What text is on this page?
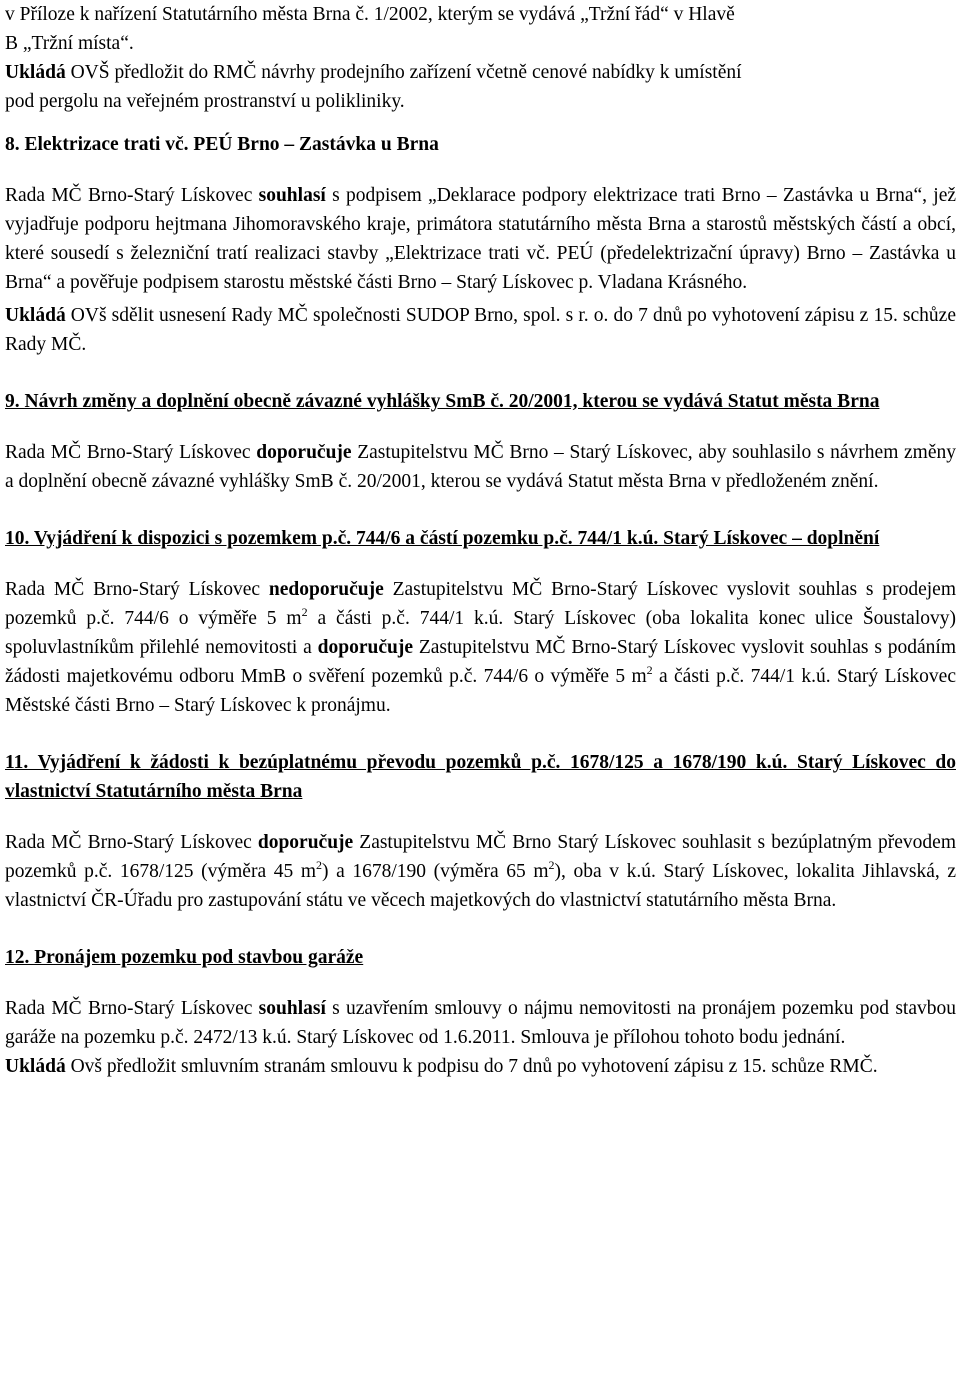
v Příloze k nařízení Statutárního města Brna č. 1/2002, kterým se vydává „Tržní řád“ v Hlavě

B „Tržní místa“.

Ukládá OVŠ předložit do RMČ návrhy prodejního zařízení včetně cenové nabídky k umístění

pod pergolu na veřejném prostranství u polikliniky.

8. Elektrizace trati vč. PEÚ Brno – Zastávka u Brna

Rada MČ Brno-Starý Lískovec souhlasí s podpisem „Deklarace podpory elektrizace trati Brno – Zastávka u Brna“, jež vyjadřuje podporu hejtmana Jihomoravského kraje, primátora statutárního města Brna a starostů městských částí a obcí, které sousedí s železniční tratí realizaci stavby „Elektrizace trati vč. PEÚ (předelektrizační úpravy) Brno – Zastávka u Brna“ a pověřuje podpisem starostu městské části Brno – Starý Lískovec p. Vladana Krásného.

Ukládá OVš sdělit usnesení Rady MČ společnosti SUDOP Brno, spol. s r. o. do 7 dnů po vyhotovení zápisu z 15. schůze Rady MČ.

9. Návrh změny a doplnění obecně závazné vyhlášky SmB č. 20/2001, kterou se vydává Statut města Brna

Rada MČ Brno-Starý Lískovec doporučuje Zastupitelstvu MČ Brno – Starý Lískovec, aby souhlasilo s návrhem změny a doplnění obecně závazné vyhlášky SmB č. 20/2001, kterou se vydává Statut města Brna v předloženém znění.

10. Vyjádření k dispozici s pozemkem p.č. 744/6 a částí pozemku p.č. 744/1 k.ú. Starý Lískovec – doplnění

Rada MČ Brno-Starý Lískovec nedoporučuje Zastupitelstvu MČ Brno-Starý Lískovec vyslovit souhlas s prodejem pozemků p.č. 744/6 o výměře 5 $m^2$ a části p.č. 744/1 k.ú. Starý Lískovec (oba lokalita konec ulice Šoustalovy) spoluvlastníkům přilehlé nemovitosti a doporučuje Zastupitelstvu MČ Brno-Starý Lískovec vyslovit souhlas s podáním žádosti majetkovému odboru MmB o svěření pozemků p.č. 744/6 o výměře 5 $m^2$ a části p.č. 744/1 k.ú. Starý Lískovec Městské části Brno – Starý Lískovec k pronájmu.

11. Vyjádření k žádosti k bezúplatnému převodu pozemků p.č. 1678/125 a 1678/190 k.ú. Starý Lískovec do vlastnictví Statutárního města Brna

Rada MČ Brno-Starý Lískovec doporučuje Zastupitelstvu MČ Brno Starý Lískovec souhlasit s bezúplatným převodem pozemků p.č. 1678/125 (výměra 45 $m^2$) a 1678/190 (výměra 65 $m^2$), oba v k.ú. Starý Lískovec, lokalita Jihlavská, z vlastnictví ČR-Úřadu pro zastupování státu ve věcech majetkových do vlastnictví statutárního města Brna.

12. Pronájem pozemku pod stavbou garáže

Rada MČ Brno-Starý Lískovec souhlasí s uzavřením smlouvy o nájmu nemovitosti na pronájem pozemku pod stavbou garáže na pozemku p.č. 2472/13 k.ú. Starý Lískovec od 1.6.2011. Smlouva je přílohou tohoto bodu jednání.

Ukládá Ovš předložit smluvním stranám smlouvu k podpisu do 7 dnů po vyhotovení zápisu z 15. schůze RMČ.
